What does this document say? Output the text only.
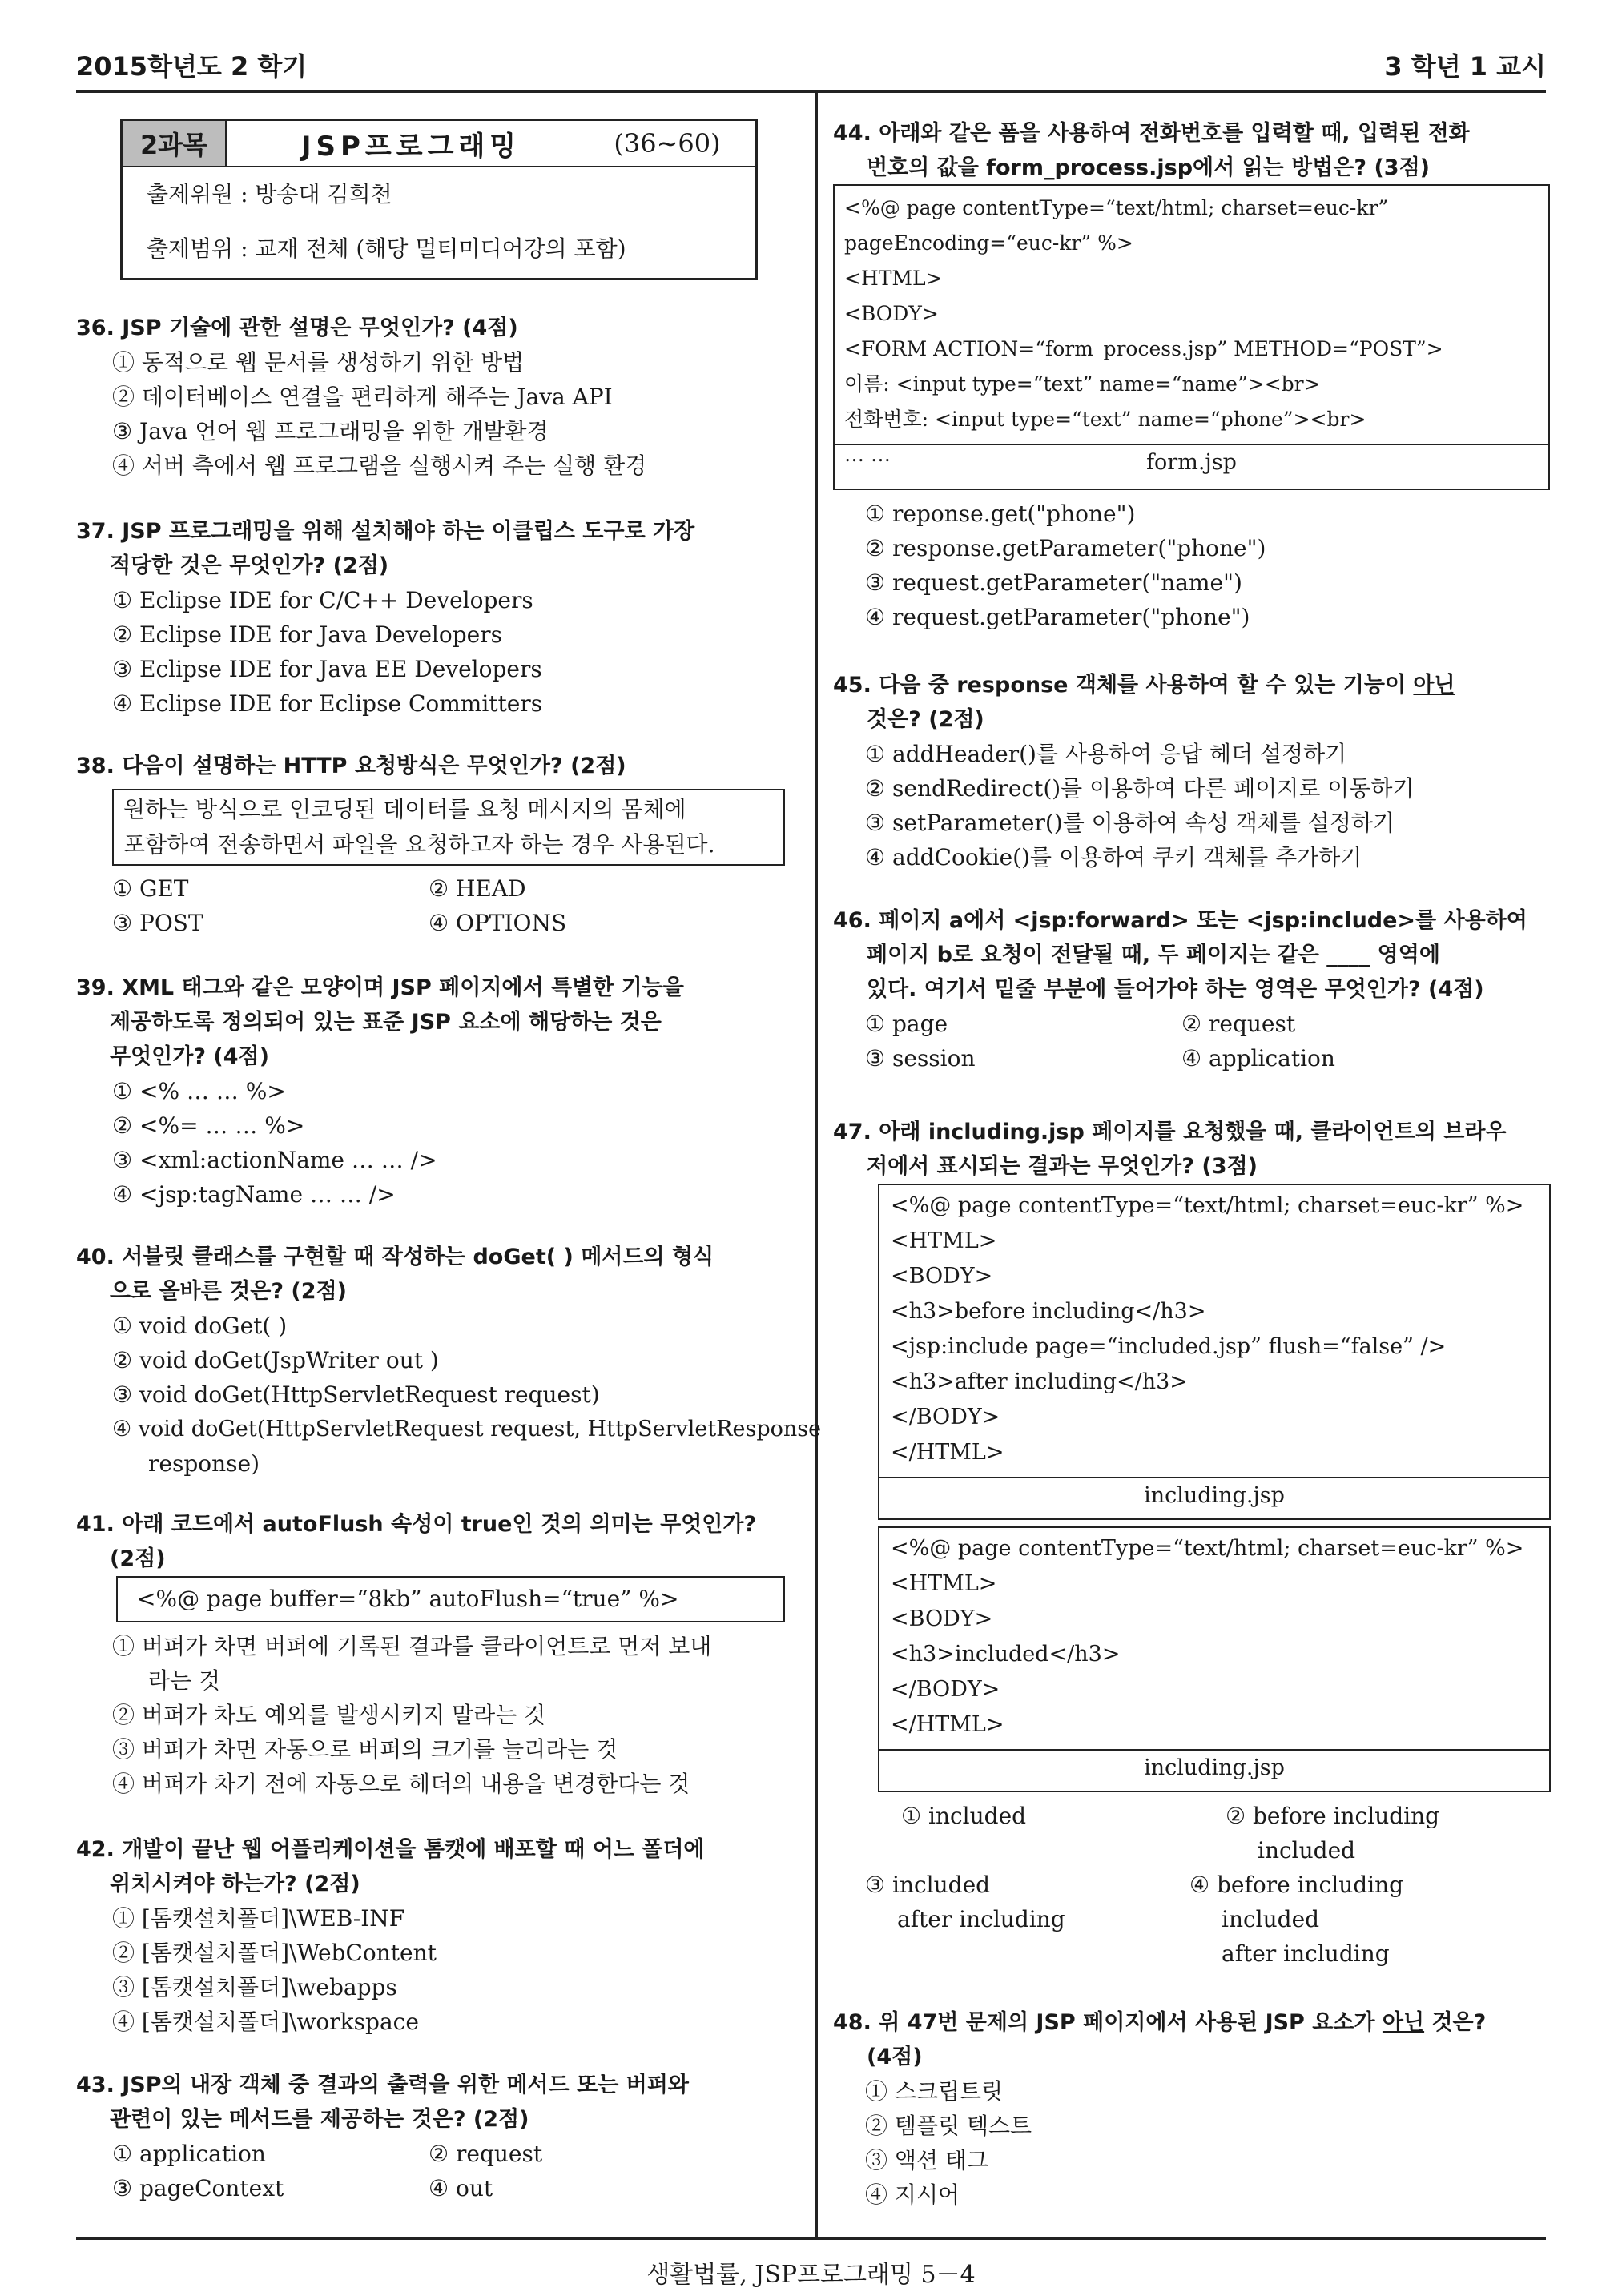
2015학년도 2 학기	3 학년 1 교시
2과목	JSP프로그래밍	(36∼60)
출제위원 : 방송대 김희천
출제범위 : 교재 전체 (해당 멀티미디어강의 포함)
36. JSP 기술에 관한 설명은 무엇인가? (4점)
① 동적으로 웹 문서를 생성하기 위한 방법
② 데이터베이스 연결을 편리하게 해주는 Java API
③ Java 언어 웹 프로그래밍을 위한 개발환경
④ 서버 측에서 웹 프로그램을 실행시켜 주는 실행 환경
37. JSP 프로그래밍을 위해 설치해야 하는 이클립스 도구로 가장
적당한 것은 무엇인가? (2점)
① Eclipse IDE for C/C++ Developers
② Eclipse IDE for Java Developers
③ Eclipse IDE for Java EE Developers
④ Eclipse IDE for Eclipse Committers
38. 다음이 설명하는 HTTP 요청방식은 무엇인가? (2점)
원하는 방식으로 인코딩된 데이터를 요청 메시지의 몸체에
포함하여 전송하면서 파일을 요청하고자 하는 경우 사용된다.
① GET	② HEAD
③ POST	④ OPTIONS
39. XML 태그와 같은 모양이며 JSP 페이지에서 특별한 기능을
제공하도록 정의되어 있는 표준 JSP 요소에 해당하는 것은
무엇인가? (4점)
① <% … … %>
② <%= … … %>
③ <xml:actionName … … />
④ <jsp:tagName … … />
40. 서블릿 클래스를 구현할 때 작성하는 doGet( ) 메서드의 형식
으로 올바른 것은? (2점)
① void doGet( )
② void doGet(JspWriter out )
③ void doGet(HttpServletRequest request)
④ void doGet(HttpServletRequest request, HttpServletResponse
response)
41. 아래 코드에서 autoFlush 속성이 true인 것의 의미는 무엇인가?
(2점)
<%@ page buffer=“8kb” autoFlush=“true” %>
① 버퍼가 차면 버퍼에 기록된 결과를 클라이언트로 먼저 보내
라는 것
② 버퍼가 차도 예외를 발생시키지 말라는 것
③ 버퍼가 차면 자동으로 버퍼의 크기를 늘리라는 것
④ 버퍼가 차기 전에 자동으로 헤더의 내용을 변경한다는 것
42. 개발이 끝난 웹 어플리케이션을 톰캣에 배포할 때 어느 폴더에
위치시켜야 하는가? (2점)
① [톰캣설치폴더]\WEB-INF
② [톰캣설치폴더]\WebContent
③ [톰캣설치폴더]\webapps
④ [톰캣설치폴더]\workspace
43. JSP의 내장 객체 중 결과의 출력을 위한 메서드 또는 버퍼와
관련이 있는 메서드를 제공하는 것은? (2점)
① application	② request
③ pageContext	④ out
44. 아래와 같은 폼을 사용하여 전화번호를 입력할 때, 입력된 전화
번호의 값을 form_process.jsp에서 읽는 방법은? (3점)
<%@ page contentType=“text/html; charset=euc-kr” pageEncoding=“euc-kr” %>
<HTML>
<BODY>
<FORM ACTION=“form_process.jsp” METHOD=“POST”>
이름: <input type=“text” name=“name”><br>
전화번호: <input type=“text” name=“phone”><br>
… …	form.jsp
① reponse.get("phone")
② response.getParameter("phone")
③ request.getParameter("name")
④ request.getParameter("phone")
45. 다음 중 response 객체를 사용하여 할 수 있는 기능이 아닌
것은? (2점)
① addHeader()를 사용하여 응답 헤더 설정하기
② sendRedirect()를 이용하여 다른 페이지로 이동하기
③ setParameter()를 이용하여 속성 객체를 설정하기
④ addCookie()를 이용하여 쿠키 객체를 추가하기
46. 페이지 a에서 <jsp:forward> 또는 <jsp:include>를 사용하여
페이지 b로 요청이 전달될 때, 두 페이지는 같은 ____ 영역에
있다. 여기서 밑줄 부분에 들어가야 하는 영역은 무엇인가? (4점)
① page	② request
③ session	④ application
47. 아래 including.jsp 페이지를 요청했을 때, 클라이언트의 브라우
저에서 표시되는 결과는 무엇인가? (3점)
<%@ page contentType=“text/html; charset=euc-kr” %>
<HTML>
<BODY>
<h3>before including</h3>
<jsp:include page=“included.jsp” flush=“false” />
<h3>after including</h3>
</BODY>
</HTML>
including.jsp
<%@ page contentType=“text/html; charset=euc-kr” %>
<HTML>
<BODY>
<h3>included</h3>
</BODY>
</HTML>
including.jsp
① included	② before including
included
③ included
after including
④ before including
included
after including
48. 위 47번 문제의 JSP 페이지에서 사용된 JSP 요소가 아닌 것은?
(4점)
① 스크립트릿
② 템플릿 텍스트
③ 액션 태그
④ 지시어
생활법률, JSP프로그래밍 5－4
